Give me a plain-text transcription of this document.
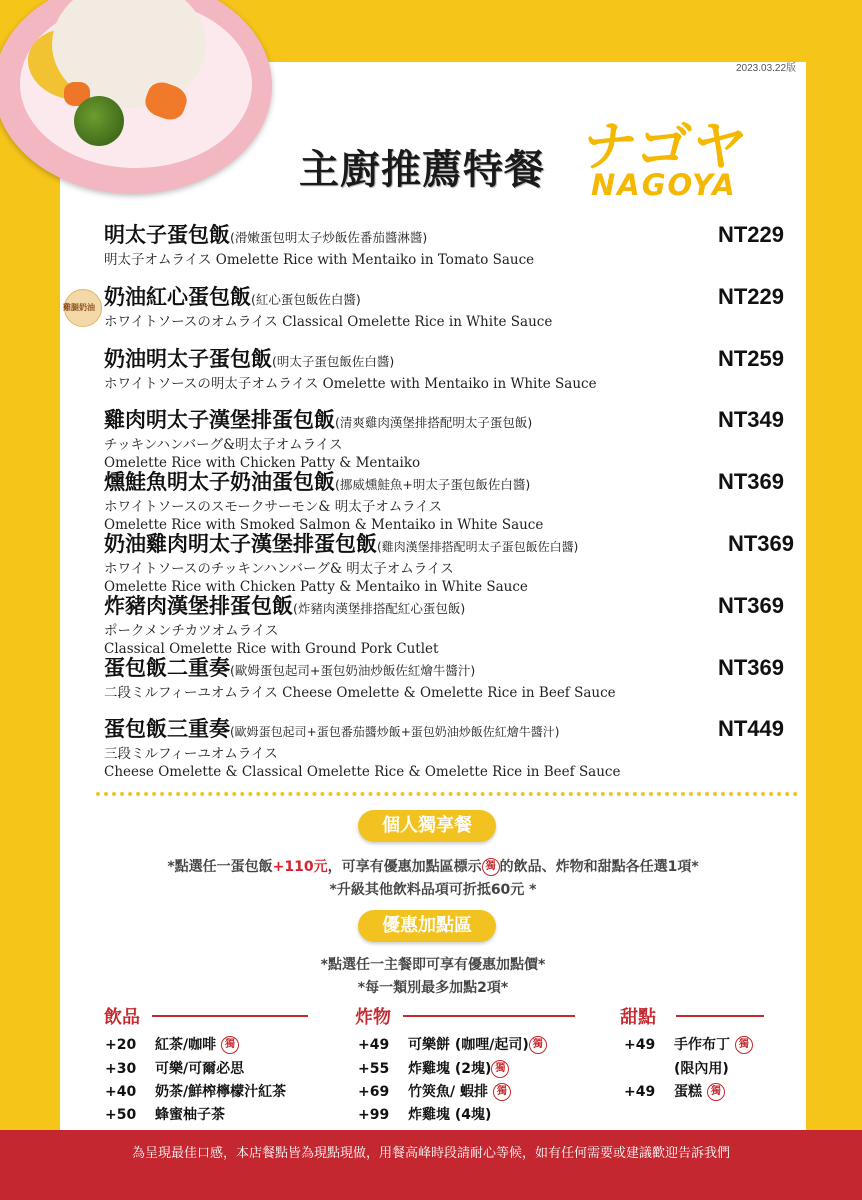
2023.03.22版
主廚推薦特餐 ナゴヤ
NAGOYA
雞腿奶油
明太子蛋包飯(滑嫩蛋包明太子炒飯佐番茄醬淋醬)
明太子オムライス Omelette Rice with Mentaiko in Tomato Sauce
NT229
奶油紅心蛋包飯(紅心蛋包飯佐白醬)
ホワイトソースのオムライス Classical Omelette Rice in White Sauce
NT229
奶油明太子蛋包飯(明太子蛋包飯佐白醬)
ホワイトソースの明太子オムライス Omelette with Mentaiko in White Sauce
NT259
雞肉明太子漢堡排蛋包飯(清爽雞肉漢堡排搭配明太子蛋包飯)
チッキンハンバーグ&明太子オムライス
Omelette Rice with Chicken Patty & Mentaiko
NT349
燻鮭魚明太子奶油蛋包飯(挪威燻鮭魚+明太子蛋包飯佐白醬)
ホワイトソースのスモークサーモン& 明太子オムライス
Omelette Rice with Smoked Salmon & Mentaiko in White Sauce
NT369
奶油雞肉明太子漢堡排蛋包飯(雞肉漢堡排搭配明太子蛋包飯佐白醬)
ホワイトソースのチッキンハンバーグ& 明太子オムライス
Omelette Rice with Chicken Patty & Mentaiko in White Sauce
NT369
炸豬肉漢堡排蛋包飯(炸豬肉漢堡排搭配紅心蛋包飯)
ポークメンチカツオムライス
Classical Omelette Rice with Ground Pork Cutlet
NT369
蛋包飯二重奏(歐姆蛋包起司+蛋包奶油炒飯佐紅燴牛醬汁)
二段ミルフィーユオムライス Cheese Omelette & Omelette Rice in Beef Sauce
NT369
蛋包飯三重奏(歐姆蛋包起司+蛋包番茄醬炒飯+蛋包奶油炒飯佐紅燴牛醬汁)
三段ミルフィーユオムライス
Cheese Omelette & Classical Omelette Rice & Omelette Rice in Beef Sauce
NT449
個人獨享餐
*點選任一蛋包飯+110元，可享有優惠加點區標示 獨 的飲品、炸物和甜點各任選1項*
*升級其他飲料品項可折抵60元 *
優惠加點區
*點選任一主餐即可享有優惠加點價*
*每一類別最多加點2項*
飲品
+20 紅茶/咖啡 獨
+30 可樂/可爾必思
+40 奶茶/鮮榨檸檬汁紅茶
+50 蜂蜜柚子茶
炸物
+49 可樂餅 (咖哩/起司) 獨
+55 炸雞塊 (2塊) 獨
+69 竹筴魚/ 蝦排 獨
+99 炸雞塊 (4塊)
甜點
+49 手作布丁 獨
(限內用)
+49 蛋糕 獨
為呈現最佳口感，本店餐點皆為現點現做，用餐高峰時段請耐心等候，如有任何需要或建議歡迎告訴我們
